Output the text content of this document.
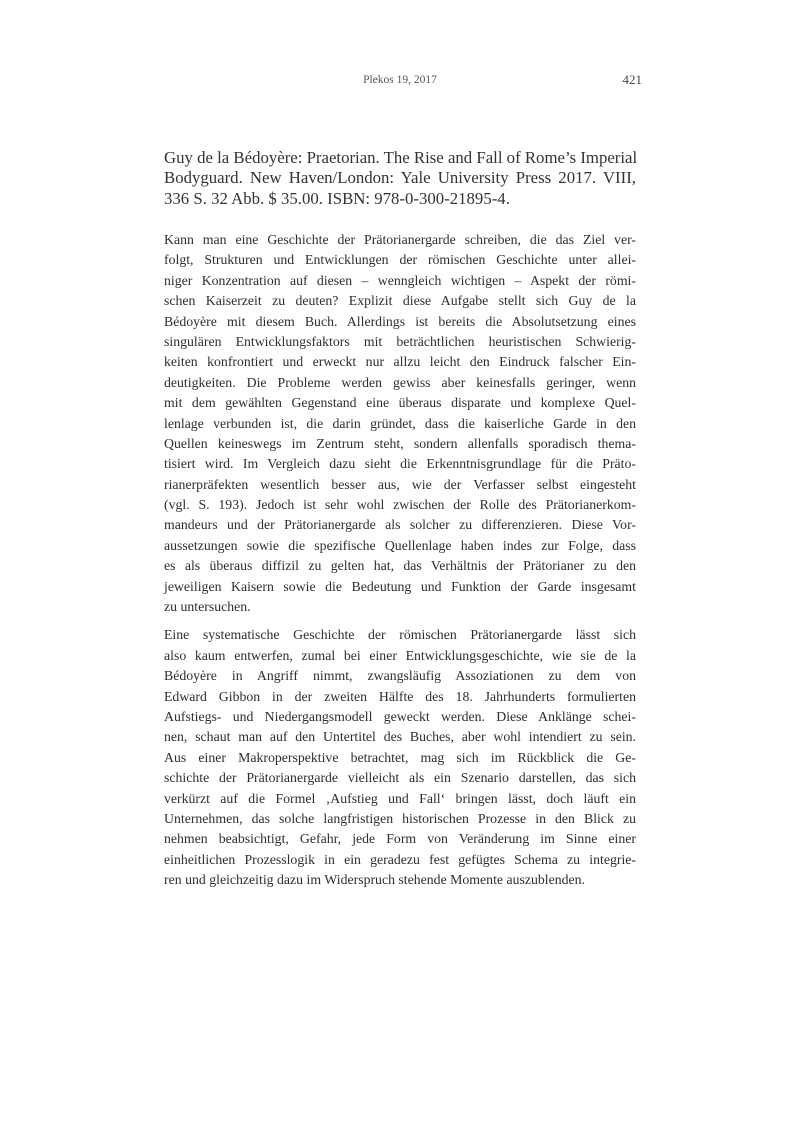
Plekos 19, 2017	421
Guy de la Bédoyère: Praetorian. The Rise and Fall of Rome’s Imperial
Bodyguard. New Haven/London: Yale University Press 2017. VIII,
336 S. 32 Abb. $ 35.00. ISBN: 978-0-300-21895-4.
Kann man eine Geschichte der Prätorianergarde schreiben, die das Ziel ver-
folgt, Strukturen und Entwicklungen der römischen Geschichte unter allei-
niger Konzentration auf diesen – wenngleich wichtigen – Aspekt der römi-
schen Kaiserzeit zu deuten? Explizit diese Aufgabe stellt sich Guy de la
Bédoyère mit diesem Buch. Allerdings ist bereits die Absolutsetzung eines
singulären Entwicklungsfaktors mit beträchtlichen heuristischen Schwierig-
keiten konfrontiert und erweckt nur allzu leicht den Eindruck falscher Ein-
deutigkeiten. Die Probleme werden gewiss aber keinesfalls geringer, wenn
mit dem gewählten Gegenstand eine überaus disparate und komplexe Quel-
lenlage verbunden ist, die darin gründet, dass die kaiserliche Garde in den
Quellen keineswegs im Zentrum steht, sondern allenfalls sporadisch thema-
tisiert wird. Im Vergleich dazu sieht die Erkenntnisgrundlage für die Präto-
rianerpräfekten wesentlich besser aus, wie der Verfasser selbst eingesteht
(vgl. S. 193). Jedoch ist sehr wohl zwischen der Rolle des Prätorianerkom-
mandeurs und der Prätorianergarde als solcher zu differenzieren. Diese Vor-
aussetzungen sowie die spezifische Quellenlage haben indes zur Folge, dass
es als überaus diffizil zu gelten hat, das Verhältnis der Prätorianer zu den
jeweiligen Kaisern sowie die Bedeutung und Funktion der Garde insgesamt
zu untersuchen.
Eine systematische Geschichte der römischen Prätorianergarde lässt sich
also kaum entwerfen, zumal bei einer Entwicklungsgeschichte, wie sie de la
Bédoyère in Angriff nimmt, zwangsläufig Assoziationen zu dem von
Edward Gibbon in der zweiten Hälfte des 18. Jahrhunderts formulierten
Aufstiegs- und Niedergangsmodell geweckt werden. Diese Anklänge schei-
nen, schaut man auf den Untertitel des Buches, aber wohl intendiert zu sein.
Aus einer Makroperspektive betrachtet, mag sich im Rückblick die Ge-
schichte der Prätorianergarde vielleicht als ein Szenario darstellen, das sich
verkürzt auf die Formel ‚Aufstieg und Fall‘ bringen lässt, doch läuft ein
Unternehmen, das solche langfristigen historischen Prozesse in den Blick zu
nehmen beabsichtigt, Gefahr, jede Form von Veränderung im Sinne einer
einheitlichen Prozesslogik in ein geradezu fest gefügtes Schema zu integrie-
ren und gleichzeitig dazu im Widerspruch stehende Momente auszublenden.
